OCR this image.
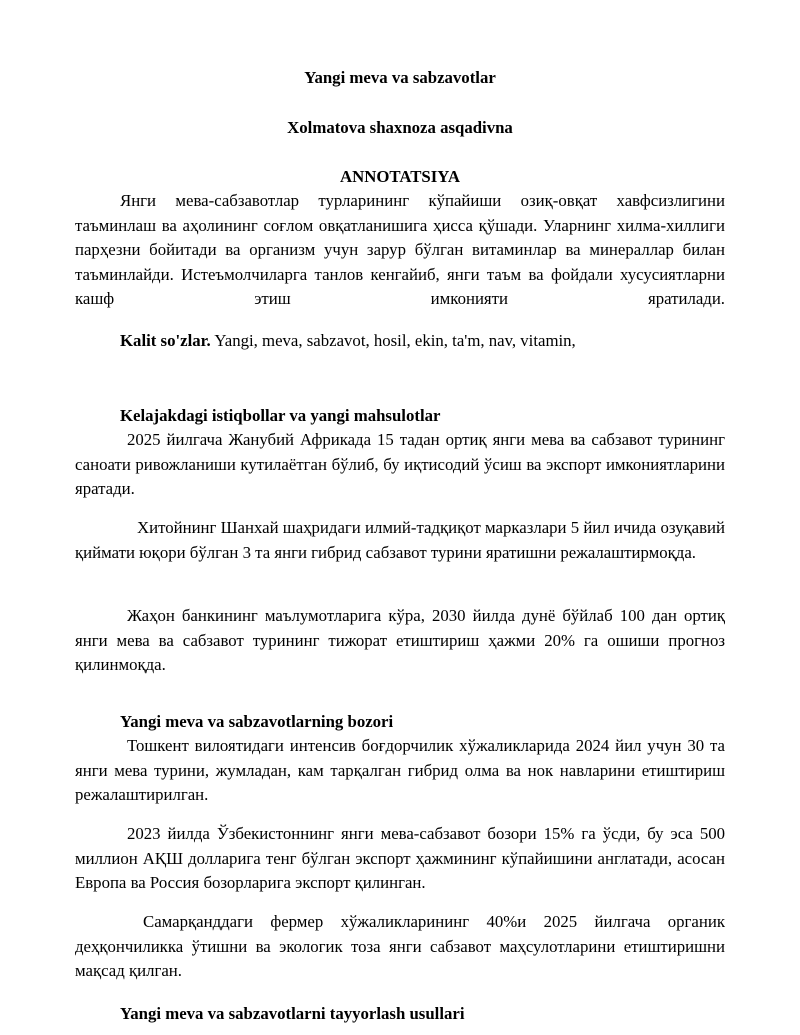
Yangi meva va sabzavotlar

Xolmatova shaxnoza asqadivna

ANNOTATSIYA

Янги мева-сабзавотлар турларининг кўпайиши озиқ-овқат хавфсизлигини таъминлаш ва аҳолининг соғлом овқатланишига ҳисса қўшади. Уларнинг хилма-хиллиги парҳезни бойитади ва организм учун зарур бўлган витаминлар ва минераллар билан таъминлайди. Истеъмолчиларга танлов кенгайиб, янги таъм ва фойдали хусусиятларни кашф этиш имконияти яратилади.

Kalit so'zlar. Yangi, meva, sabzavot, hosil, ekin, ta'm, nav, vitamin,

Kelajakdagi istiqbollar va yangi mahsulotlar

2025 йилгача Жанубий Африкада 15 тадан ортиқ янги мева ва сабзавот турининг саноати ривожланиши кутилаётган бўлиб, бу иқтисодий ўсиш ва экспорт имкониятларини яратади.

Хитойнинг Шанхай шаҳридаги илмий-тадқиқот марказлари 5 йил ичида озуқавий қиймати юқори бўлган 3 та янги гибрид сабзавот турини яратишни режалаштирмоқда.

Жаҳон банкининг маълумотларига кўра, 2030 йилда дунё бўйлаб 100 дан ортиқ янги мева ва сабзавот турининг тижорат етиштириш ҳажми 20% га ошиши прогноз қилинмоқда.

Yangi meva va sabzavotlarning bozori

Тошкент вилоятидаги интенсив боғдорчилик хўжаликларида 2024 йил учун 30 та янги мева турини, жумладан, кам тарқалган гибрид олма ва нок навларини етиштириш режалаштирилган.

2023 йилда Ўзбекистоннинг янги мева-сабзавот бозори 15% га ўсди, бу эса 500 миллион АҚШ долларига тенг бўлган экспорт ҳажмининг кўпайишини англатади, асосан Европа ва Россия бозорларига экспорт қилинган.

Самарқанддаги фермер хўжаликларининг 40%и 2025 йилгача органик деҳқончиликка ўтишни ва экологик тоза янги сабзавот маҳсулотларини етиштиришни мақсад қилган.

Yangi meva va sabzavotlarni tayyorlash usullari
